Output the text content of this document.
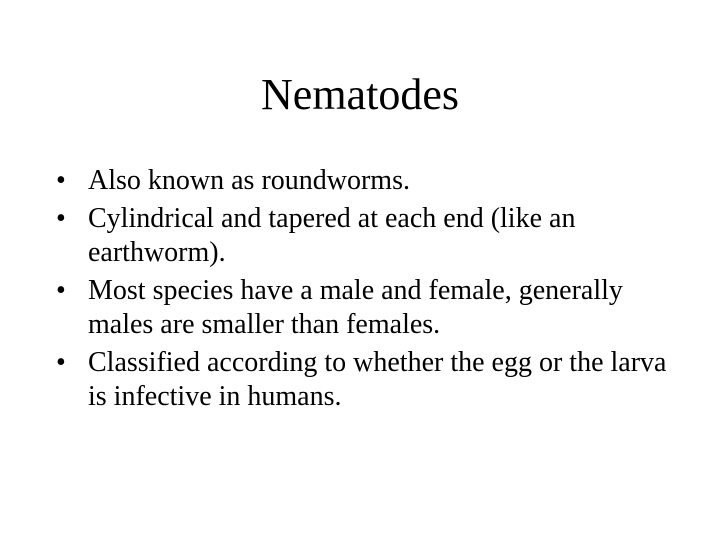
Nematodes
• Also known as roundworms.
• Cylindrical and tapered at each end (like an earthworm).
• Most species have a male and female, generally males are smaller than females.
• Classified according to whether the egg or the larva is infective in humans.
